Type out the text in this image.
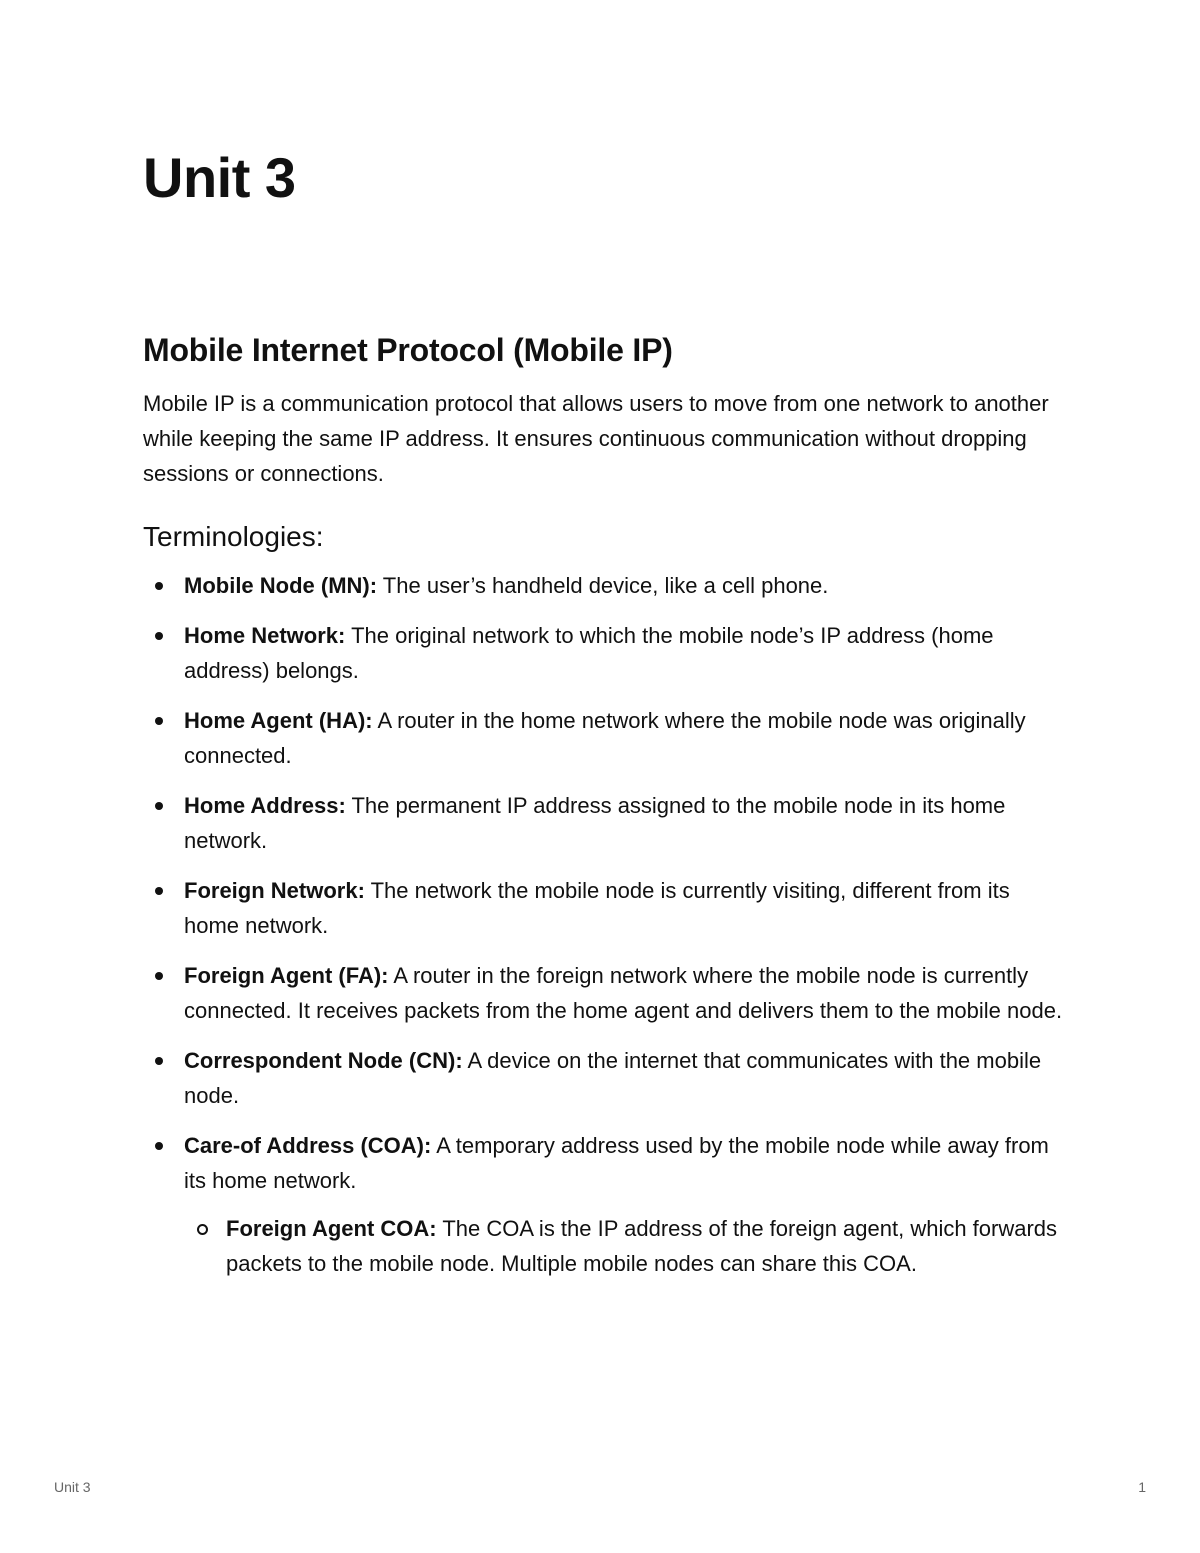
Unit 3
Mobile Internet Protocol (Mobile IP)

Mobile IP is a communication protocol that allows users to move from one network to another while keeping the same IP address. It ensures continuous communication without dropping sessions or connections.

Terminologies:
Mobile Node (MN): The user’s handheld device, like a cell phone.
Home Network: The original network to which the mobile node’s IP address (home address) belongs.
Home Agent (HA): A router in the home network where the mobile node was originally connected.
Home Address: The permanent IP address assigned to the mobile node in its home network.
Foreign Network: The network the mobile node is currently visiting, different from its home network.
Foreign Agent (FA): A router in the foreign network where the mobile node is currently connected. It receives packets from the home agent and delivers them to the mobile node.
Correspondent Node (CN): A device on the internet that communicates with the mobile node.
Care-of Address (COA): A temporary address used by the mobile node while away from its home network.
Foreign Agent COA: The COA is the IP address of the foreign agent, which forwards packets to the mobile node. Multiple mobile nodes can share this COA.
Unit 3	1
